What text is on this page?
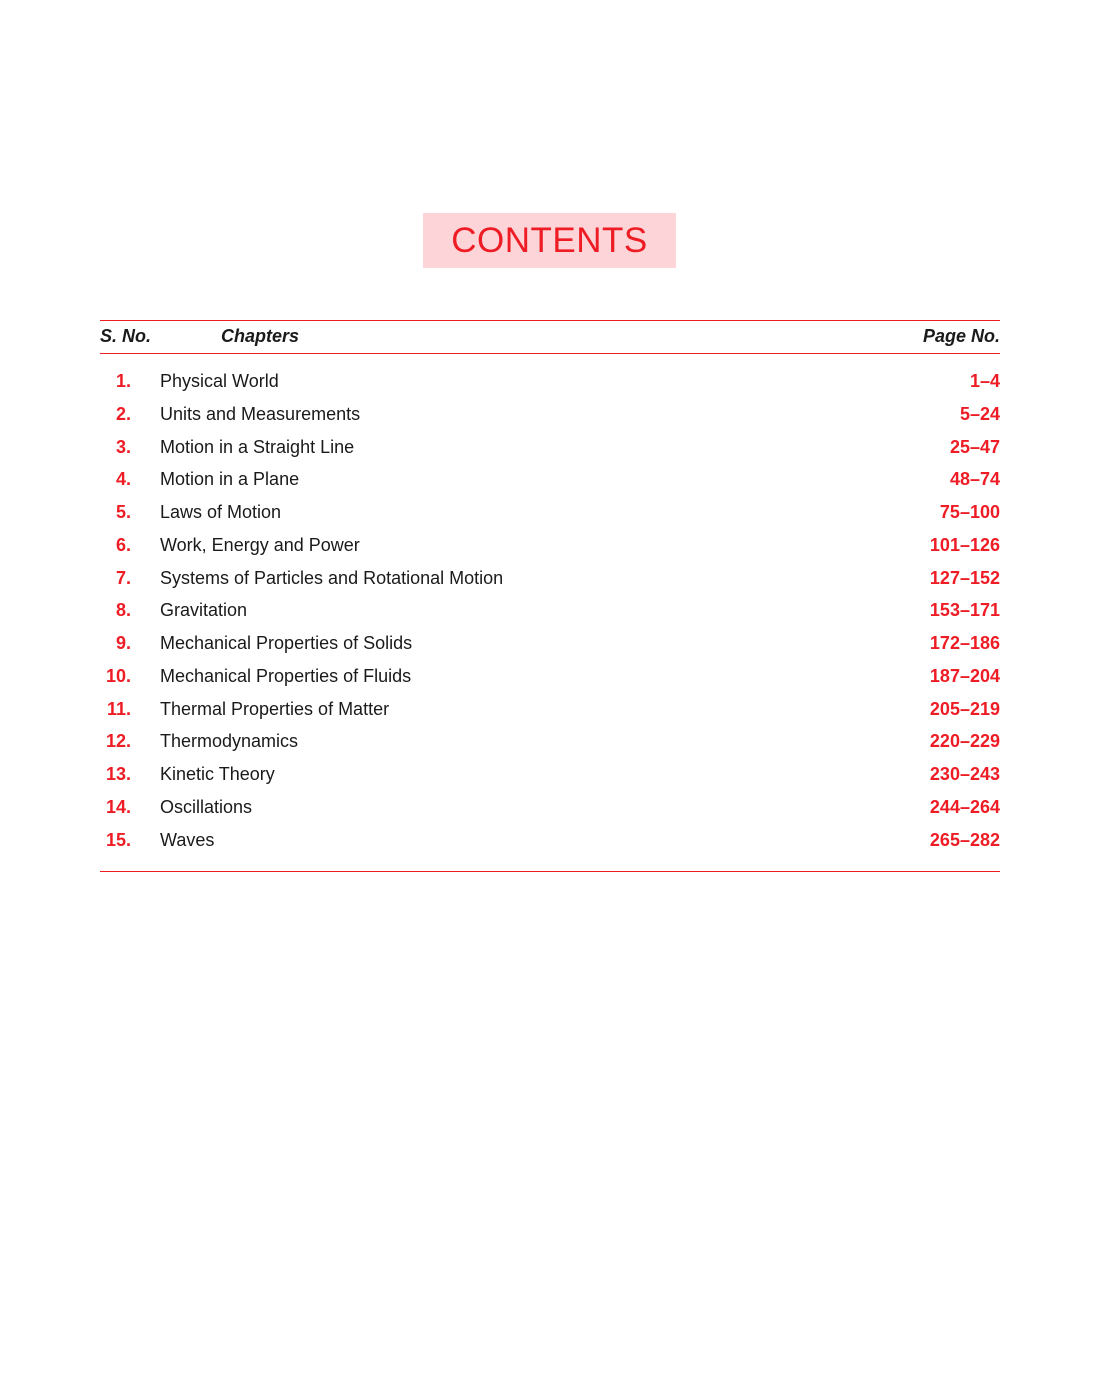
CONTENTS
S. No.	Chapters	Page No.
1. Physical World	1–4
2. Units and Measurements	5–24
3. Motion in a Straight Line	25–47
4. Motion in a Plane	48–74
5. Laws of Motion	75–100
6. Work, Energy and Power	101–126
7. Systems of Particles and Rotational Motion	127–152
8. Gravitation	153–171
9. Mechanical Properties of Solids	172–186
10. Mechanical Properties of Fluids	187–204
11. Thermal Properties of Matter	205–219
12. Thermodynamics	220–229
13. Kinetic Theory	230–243
14. Oscillations	244–264
15. Waves	265–282
